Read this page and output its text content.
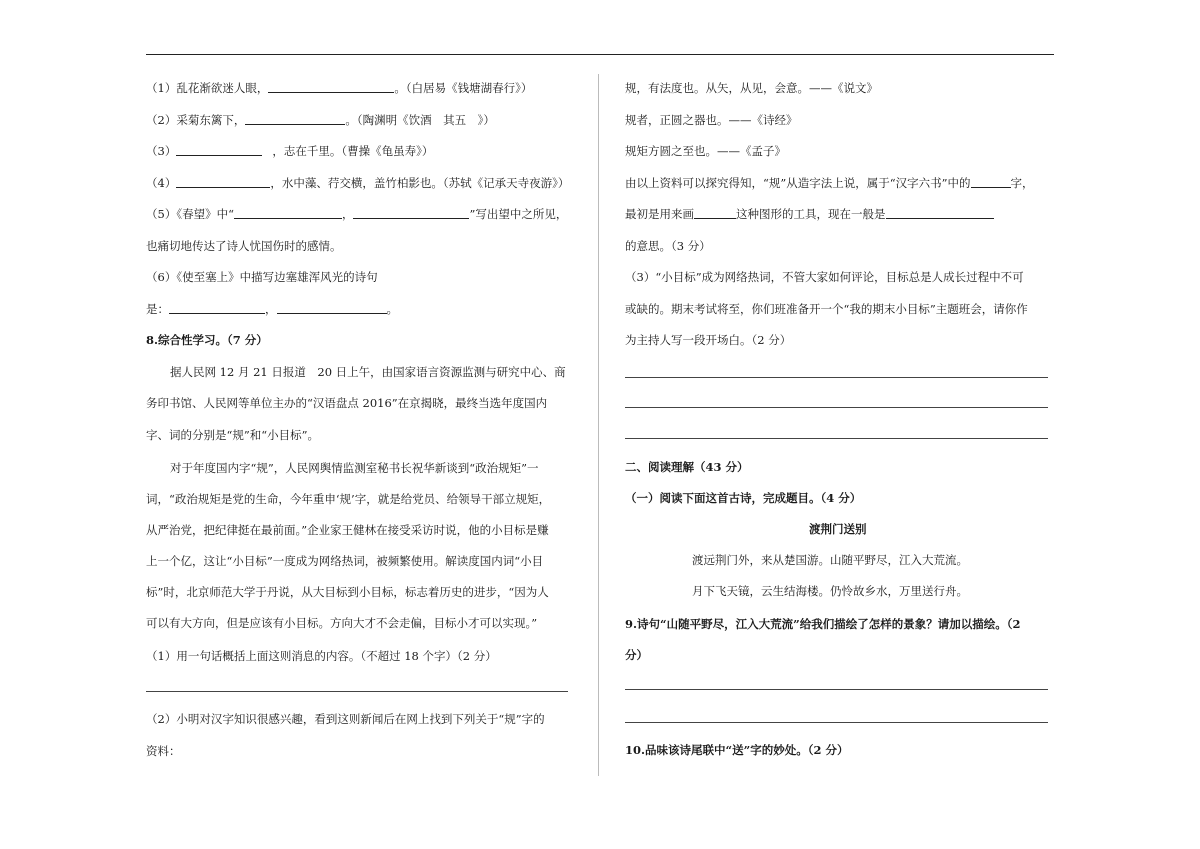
（1）乱花渐欲迷人眼，	。（白居易《钱塘湖春行》）
（2）采菊东篱下，	。（陶渊明《饮酒　其五　》）
（3）	，志在千里。（曹操《龟虽寿》）
（4）	，水中藻、荇交横，盖竹柏影也。（苏轼《记承天寺夜游》）
（5）《春望》中“	，	”写出望中之所见，
也痛切地传达了诗人忧国伤时的感情。
（6）《使至塞上》中描写边塞雄浑风光的诗句
是：	，	。
8.综合性学习。（7 分）
据人民网 12 月 21 日报道　20 日上午，由国家语言资源监测与研究中心、商
务印书馆、人民网等单位主办的“汉语盘点 2016”在京揭晓，最终当选年度国内
字、词的分别是“规”和“小目标”。
对于年度国内字“规”，人民网舆情监测室秘书长祝华新谈到“政治规矩”一
词，“政治规矩是党的生命，今年重申‘规’字，就是给党员、给领导干部立规矩，
从严治党，把纪律挺在最前面。”企业家王健林在接受采访时说，他的小目标是赚
上一个亿，这让“小目标”一度成为网络热词，被频繁使用。解读度国内词“小目
标”时，北京师范大学于丹说，从大目标到小目标，标志着历史的进步，“因为人
可以有大方向，但是应该有小目标。方向大才不会走偏，目标小才可以实现。”
（1）用一句话概括上面这则消息的内容。（不超过 18 个字）（2 分）
（2）小明对汉字知识很感兴趣，看到这则新闻后在网上找到下列关于“规”字的
资料：
规，有法度也。从矢，从见，会意。——《说文》
规者，正圆之器也。——《诗经》
规矩方圆之至也。——《孟子》
由以上资料可以探究得知，“规”从造字法上说，属于“汉字六书”中的	字，
最初是用来画	这种图形的工具，现在一般是
的意思。（3 分）
（3）“小目标”成为网络热词，不管大家如何评论，目标总是人成长过程中不可
或缺的。期末考试将至，你们班准备开一个“我的期末小目标”主题班会，请你作
为主持人写一段开场白。（2 分）
二、阅读理解（43 分）
（一）阅读下面这首古诗，完成题目。（4 分）
渡荆门送别
渡远荆门外，来从楚国游。山随平野尽，江入大荒流。
月下飞天镜，云生结海楼。仍怜故乡水，万里送行舟。
9.诗句“山随平野尽，江入大荒流”给我们描绘了怎样的景象？请加以描绘。（2
分）
10.品味该诗尾联中“送”字的妙处。（2 分）
